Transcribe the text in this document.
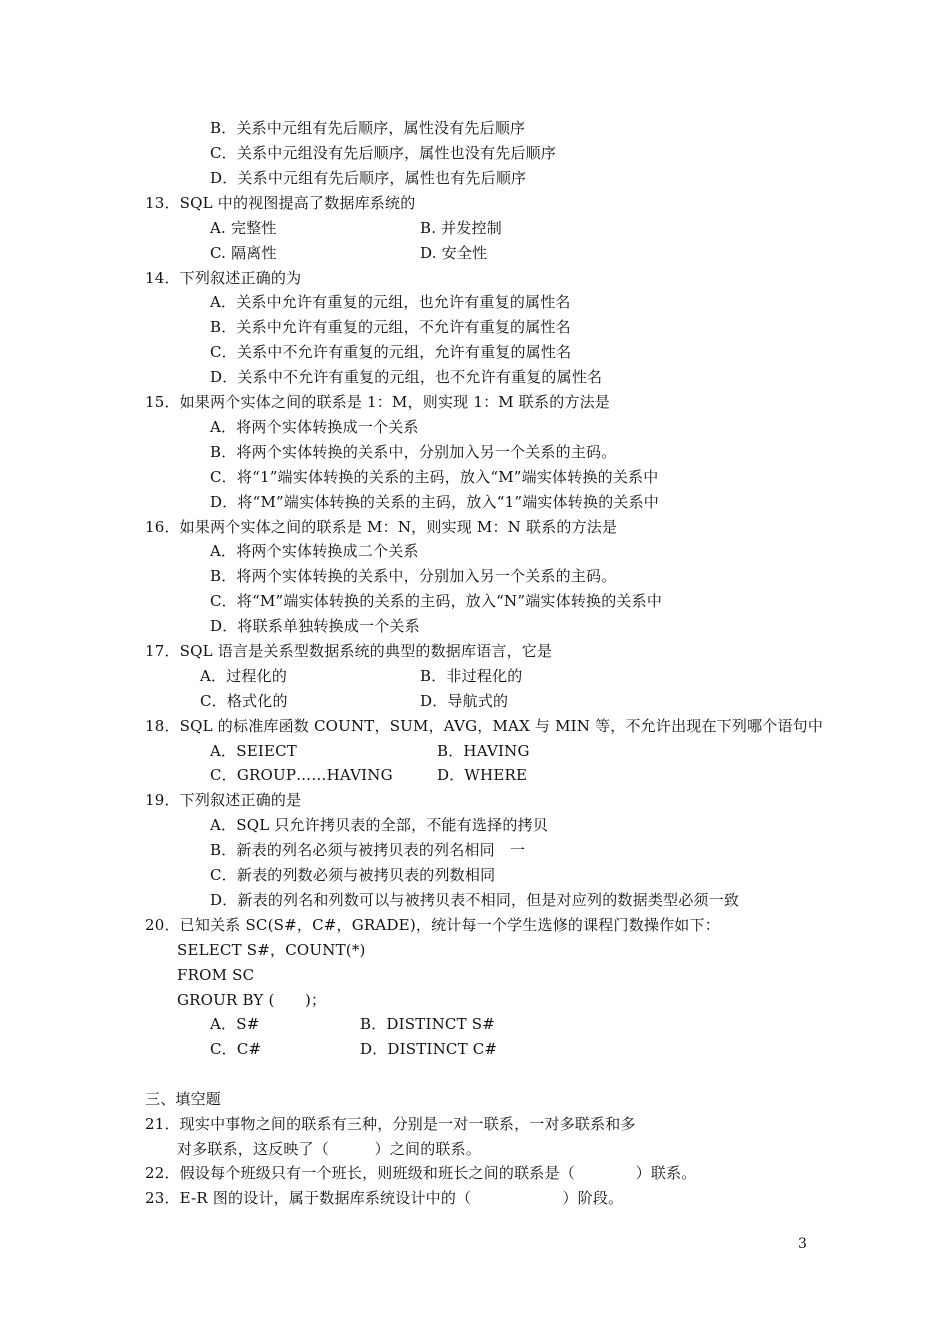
B．关系中元组有先后顺序，属性没有先后顺序
C．关系中元组没有先后顺序，属性也没有先后顺序
D．关系中元组有先后顺序，属性也有先后顺序
13．SQL 中的视图提高了数据库系统的
A. 完整性	B. 并发控制
C. 隔离性	D. 安全性
14．下列叙述正确的为
A．关系中允许有重复的元组，也允许有重复的属性名
B．关系中允许有重复的元组，不允许有重复的属性名
C．关系中不允许有重复的元组，允许有重复的属性名
D．关系中不允许有重复的元组，也不允许有重复的属性名
15．如果两个实体之间的联系是 1：M，则实现 1：M 联系的方法是
A．将两个实体转换成一个关系
B．将两个实体转换的关系中，分别加入另一个关系的主码。
C．将“1”端实体转换的关系的主码，放入“M”端实体转换的关系中
D．将“M”端实体转换的关系的主码，放入“1”端实体转换的关系中
16．如果两个实体之间的联系是 M：N，则实现 M：N 联系的方法是
A．将两个实体转换成二个关系
B．将两个实体转换的关系中，分别加入另一个关系的主码。
C．将“M”端实体转换的关系的主码，放入“N”端实体转换的关系中
D．将联系单独转换成一个关系
17．SQL 语言是关系型数据系统的典型的数据库语言，它是
A．过程化的	B．非过程化的
C．格式化的	D．导航式的
18．SQL 的标准库函数 COUNT，SUM，AVG，MAX 与 MIN 等，不允许出现在下列哪个语句中
A．SEIECT	B．HAVING
C．GROUP……HAVING	D．WHERE
19．下列叙述正确的是
A．SQL 只允许拷贝表的全部，不能有选择的拷贝
B．新表的列名必须与被拷贝表的列名相同　一
C．新表的列数必须与被拷贝表的列数相同
D．新表的列名和列数可以与被拷贝表不相同，但是对应列的数据类型必须一致
20．已知关系 SC(S#，C#，GRADE)，统计每一个学生选修的课程门数操作如下：
SELECT S#，COUNT(*)
FROM SC
GROUR BY (　　)；
A．S#	B．DISTINCT S#
C．C#	D．DISTINCT C#
三、填空题
21．现实中事物之间的联系有三种，分别是一对一联系，一对多联系和多
对多联系，这反映了（　　　）之间的联系。
22．假设每个班级只有一个班长，则班级和班长之间的联系是（　　　　）联系。
23．E-R 图的设计，属于数据库系统设计中的（　　　　　　）阶段。
3
